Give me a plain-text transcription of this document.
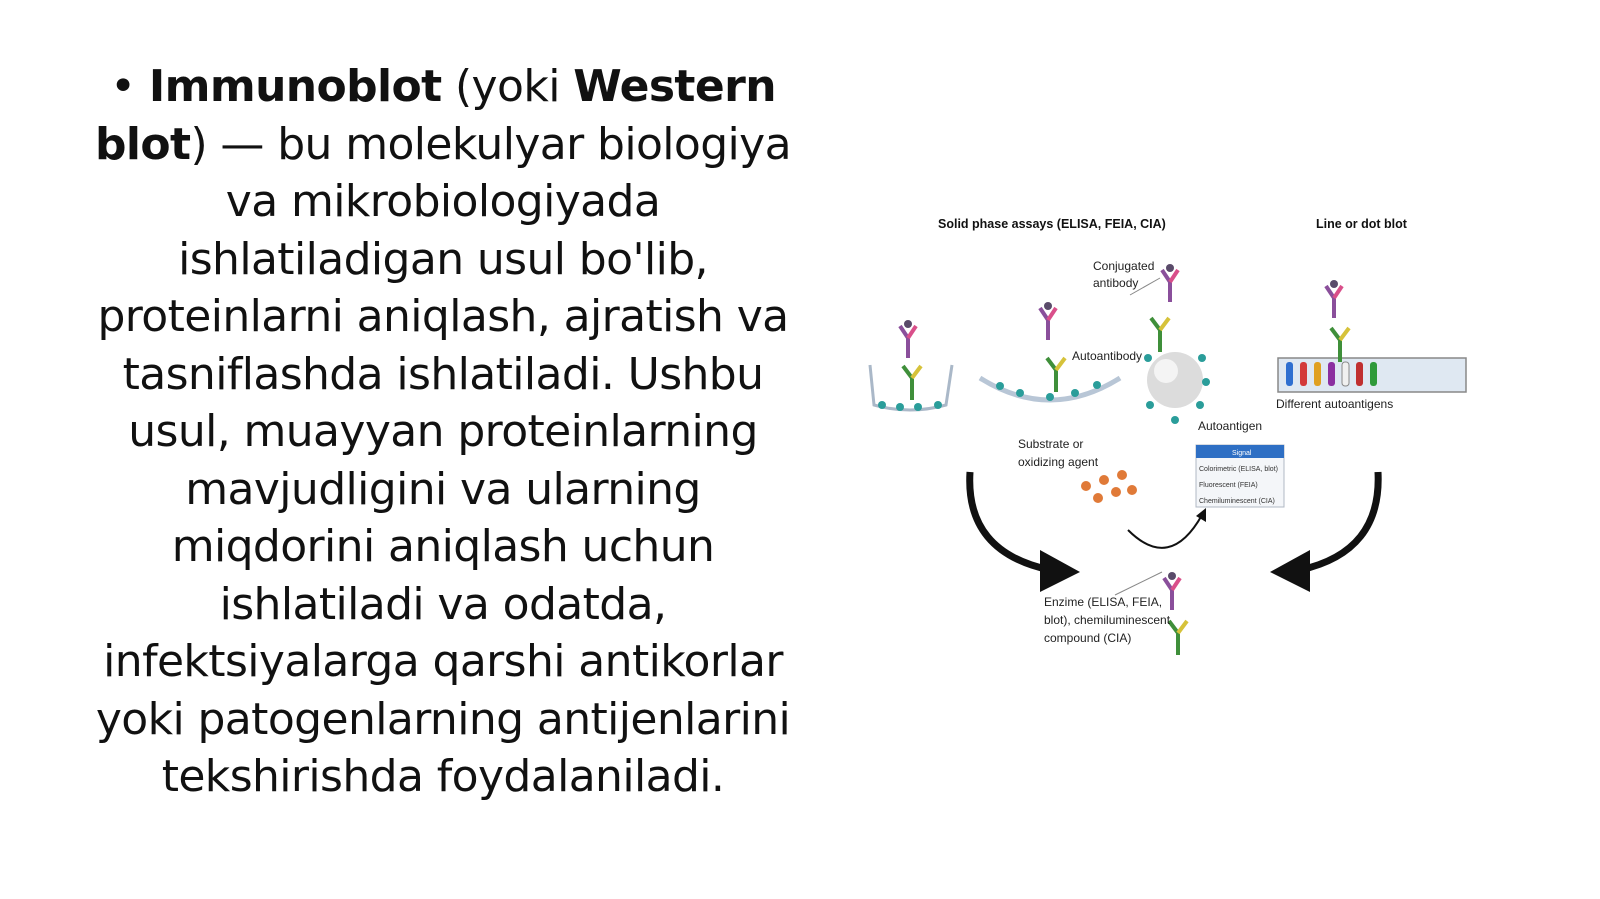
• Immunoblot (yoki Western blot) — bu molekulyar biologiya va mikrobiologiyada ishlatiladigan usul bo'lib, proteinlarni aniqlash, ajratish va tasniflashda ishlatiladi. Ushbu usul, muayyan proteinlarning mavjudligini va ularning miqdorini aniqlash uchun ishlatiladi va odatda, infektsiyalarga qarshi antikorlar yoki patogenlarning antijenlarini tekshirishda foydalaniladi.
Solid phase assays (ELISA, FEIA, CIA)	Line or dot blot
Conjugated
antibody
Autoantibody
Autoantigen
Different autoantigens
Substrate or
oxidizing agent
Signal
Colorimetric (ELISA, blot)
Fluorescent (FEIA)
Chemiluminescent (CIA)
Enzime (ELISA, FEIA,
blot), chemiluminescent
compound (CIA)
